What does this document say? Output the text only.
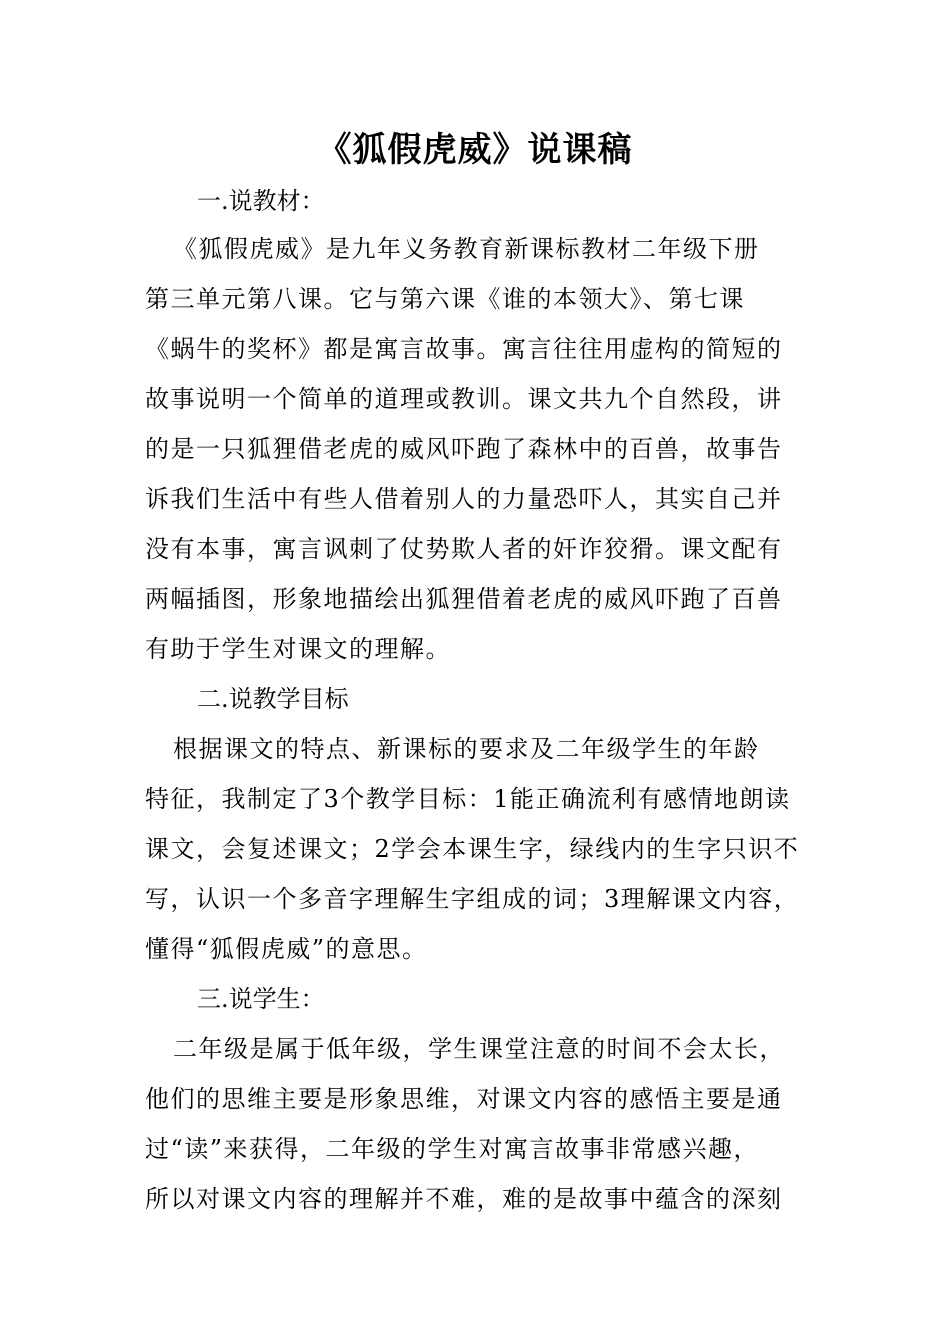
《狐假虎威》说课稿
一.说教材：
《狐假虎威》是九年义务教育新课标教材二年级下册
第三单元第八课。它与第六课《谁的本领大》、第七课
《蜗牛的奖杯》都是寓言故事。寓言往往用虚构的简短的
故事说明一个简单的道理或教训。课文共九个自然段，讲
的是一只狐狸借老虎的威风吓跑了森林中的百兽，故事告
诉我们生活中有些人借着别人的力量恐吓人，其实自己并
没有本事，寓言讽刺了仗势欺人者的奸诈狡猾。课文配有
两幅插图，形象地描绘出狐狸借着老虎的威风吓跑了百兽
有助于学生对课文的理解。
二.说教学目标
根据课文的特点、新课标的要求及二年级学生的年龄
特征，我制定了3个教学目标：1能正确流利有感情地朗读
课文，会复述课文；2学会本课生字，绿线内的生字只识不
写，认识一个多音字理解生字组成的词；3理解课文内容，
懂得“狐假虎威”的意思。
三.说学生：
二年级是属于低年级，学生课堂注意的时间不会太长，
他们的思维主要是形象思维，对课文内容的感悟主要是通
过“读”来获得，二年级的学生对寓言故事非常感兴趣，
所以对课文内容的理解并不难，难的是故事中蕴含的深刻
